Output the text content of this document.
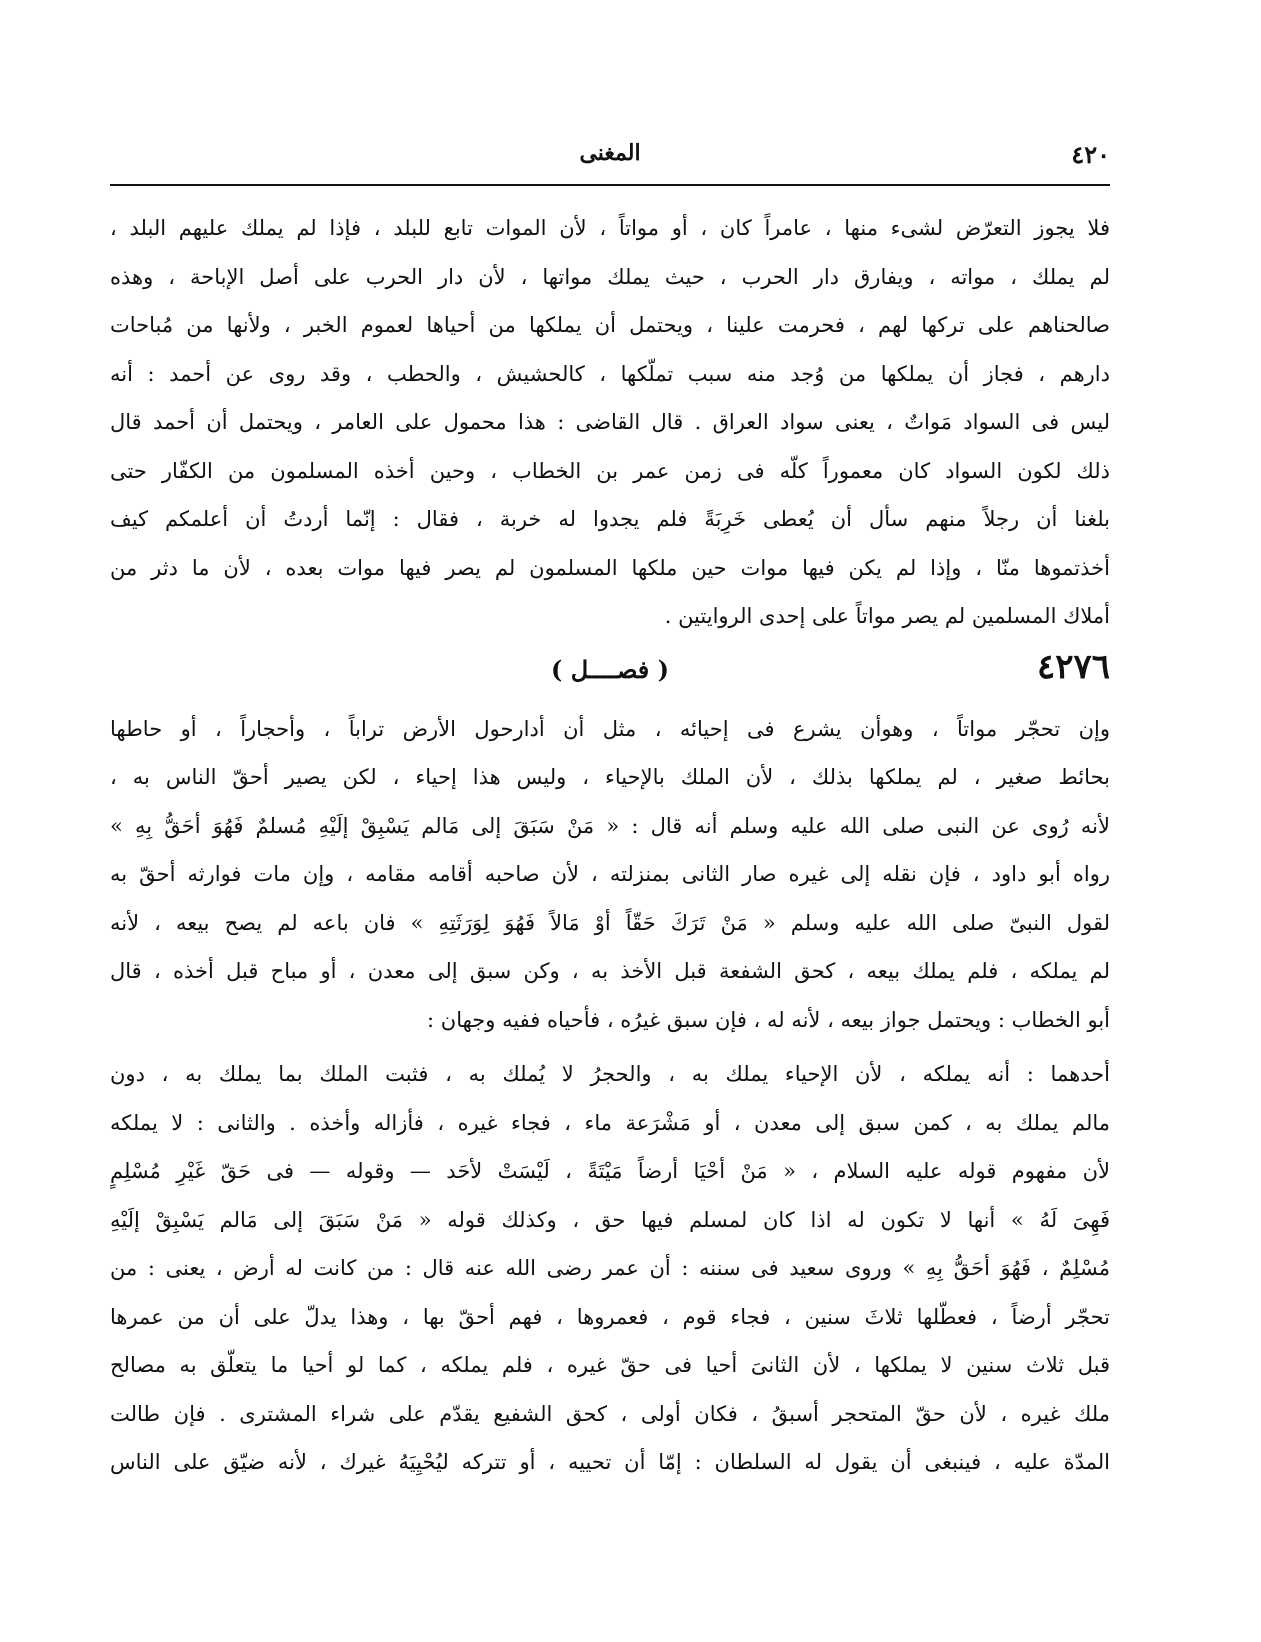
٤٢٠
المغنى
فلا يجوز التعرّض لشىء منها ، عامراً كان ، أو مواتاً ، لأن الموات تابع للبلد ، فإذا لم يملك عليهم البلد ،
لم يملك ، مواته ، ويفارق دار الحرب ، حيث يملك مواتها ، لأن دار الحرب على أصل الإباحة ، وهذه
صالحناهم على تركها لهم ، فحرمت علينا ، ويحتمل أن يملكها من أحياها لعموم الخبر ، ولأنها من مُباحات
دارهم ، فجاز أن يملكها من وُجد منه سبب تملّكها ، كالحشيش ، والحطب ، وقد روى عن أحمد : أنه
ليس فى السواد مَواتٌ ، يعنى سواد العراق . قال القاضى : هذا محمول على العامر ، ويحتمل أن أحمد قال
ذلك لكون السواد كان معموراً كلّه فى زمن عمر بن الخطاب ، وحين أخذه المسلمون من الكفّار حتى
بلغنا أن رجلاً منهم سأل أن يُعطى خَرِبَةً فلم يجدوا له خربة ، فقال : إنّما أردتُ أن أعلمكم كيف
أخذتموها منّا ، وإذا لم يكن فيها موات حين ملكها المسلمون لم يصر فيها موات بعده ، لأن ما دثر من
أملاك المسلمين لم يصر مواتاً على إحدى الروايتين .
٤٢٧٦
( فصــــل )
وإن تحجّر مواتاً ، وهوأن يشرع فى إحيائه ، مثل أن أدارحول الأرض تراباً ، وأحجاراً ، أو حاطها
بحائط صغير ، لم يملكها بذلك ، لأن الملك بالإحياء ، وليس هذا إحياء ، لكن يصير أحقّ الناس به ،
لأنه رُوى عن النبى صلى الله عليه وسلم أنه قال : « مَنْ سَبَقَ إلى مَالم يَسْبِقْ إلَيْهِ مُسلمٌ فَهُوَ أحَقُّ بِهِ »
رواه أبو داود ، فإن نقله إلى غيره صار الثانى بمنزلته ، لأن صاحبه أقامه مقامه ، وإن مات فوارثه أحقّ به
لقول النبىّ صلى الله عليه وسلم « مَنْ تَرَكَ حَقّاً أوْ مَالاً فَهُوَ لِوَرَثَتِهِ » فان باعه لم يصح بيعه ، لأنه
لم يملكه ، فلم يملك بيعه ، كحق الشفعة قبل الأخذ به ، وكن سبق إلى معدن ، أو مباح قبل أخذه ، قال
أبو الخطاب : ويحتمل جواز بيعه ، لأنه له ، فإن سبق غيرُه ، فأحياه ففيه وجهان :
أحدهما : أنه يملكه ، لأن الإحياء يملك به ، والحجرُ لا يُملك به ، فثبت الملك بما يملك به ، دون
مالم يملك به ، كمن سبق إلى معدن ، أو مَشْرَعة ماء ، فجاء غيره ، فأزاله وأخذه . والثانى : لا يملكه
لأن مفهوم قوله عليه السلام ، « مَنْ أحْيَا أرضاً مَيْتَةً ، لَيْسَتْ لأحَد — وقوله — فى حَقّ غَيْرِ مُسْلِمٍ
فَهِىَ لَهُ » أنها لا تكون له اذا كان لمسلم فيها حق ، وكذلك قوله « مَنْ سَبَقَ إلى مَالم يَسْبِقْ إلَيْهِ
مُسْلِمٌ ، فَهُوَ أحَقُّ بِهِ » وروى سعيد فى سننه : أن عمر رضى الله عنه قال : من كانت له أرض ، يعنى : من
تحجّر أرضاً ، فعطّلها ثلاثَ سنين ، فجاء قوم ، فعمروها ، فهم أحقّ بها ، وهذا يدلّ على أن من عمرها
قبل ثلاث سنين لا يملكها ، لأن الثانىَ أحيا فى حقّ غيره ، فلم يملكه ، كما لو أحيا ما يتعلّق به مصالح
ملك غيره ، لأن حقّ المتحجر أسبقُ ، فكان أولى ، كحق الشفيع يقدّم على شراء المشترى . فإن طالت
المدّة عليه ، فينبغى أن يقول له السلطان : إمّا أن تحييه ، أو تتركه ليُحْيِيَهُ غيرك ، لأنه ضيّق على الناس
